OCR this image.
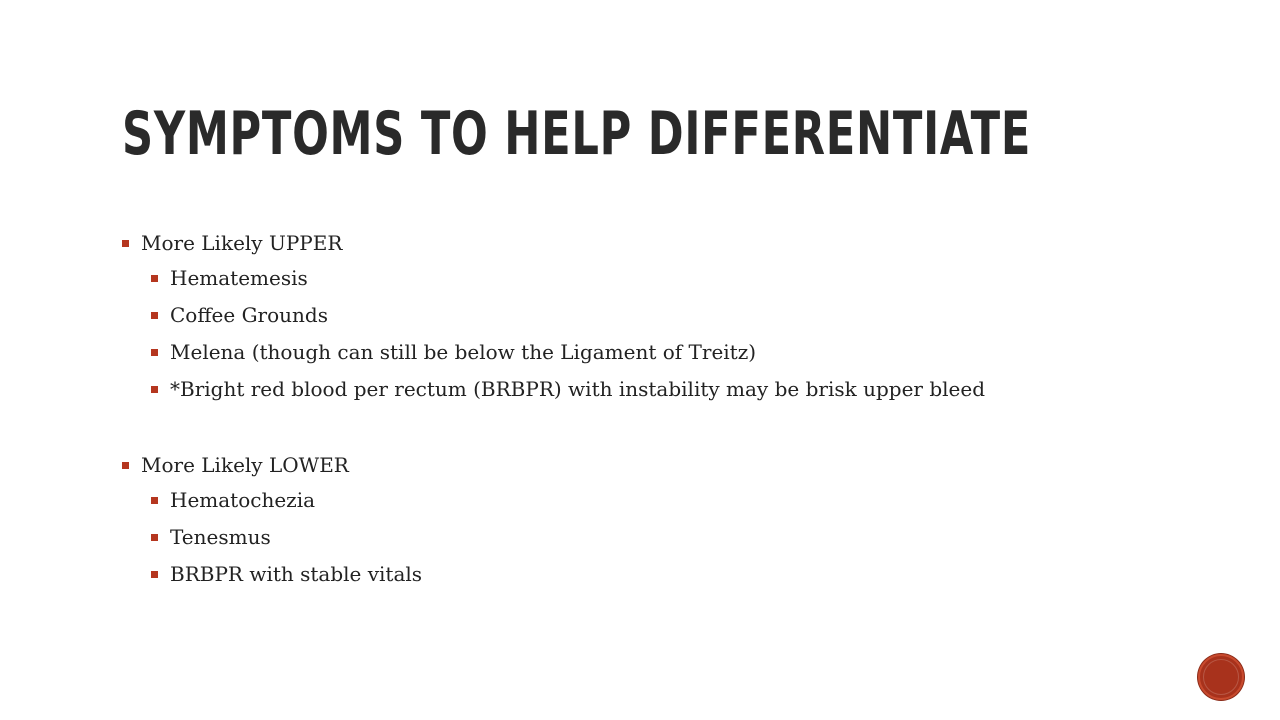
SYMPTOMS TO HELP DIFFERENTIATE
More Likely UPPER
Hematemesis
Coffee Grounds
Melena (though can still be below the Ligament of Treitz)
*Bright red blood per rectum (BRBPR) with instability may be brisk upper bleed
More Likely LOWER
Hematochezia
Tenesmus
BRBPR with stable vitals
